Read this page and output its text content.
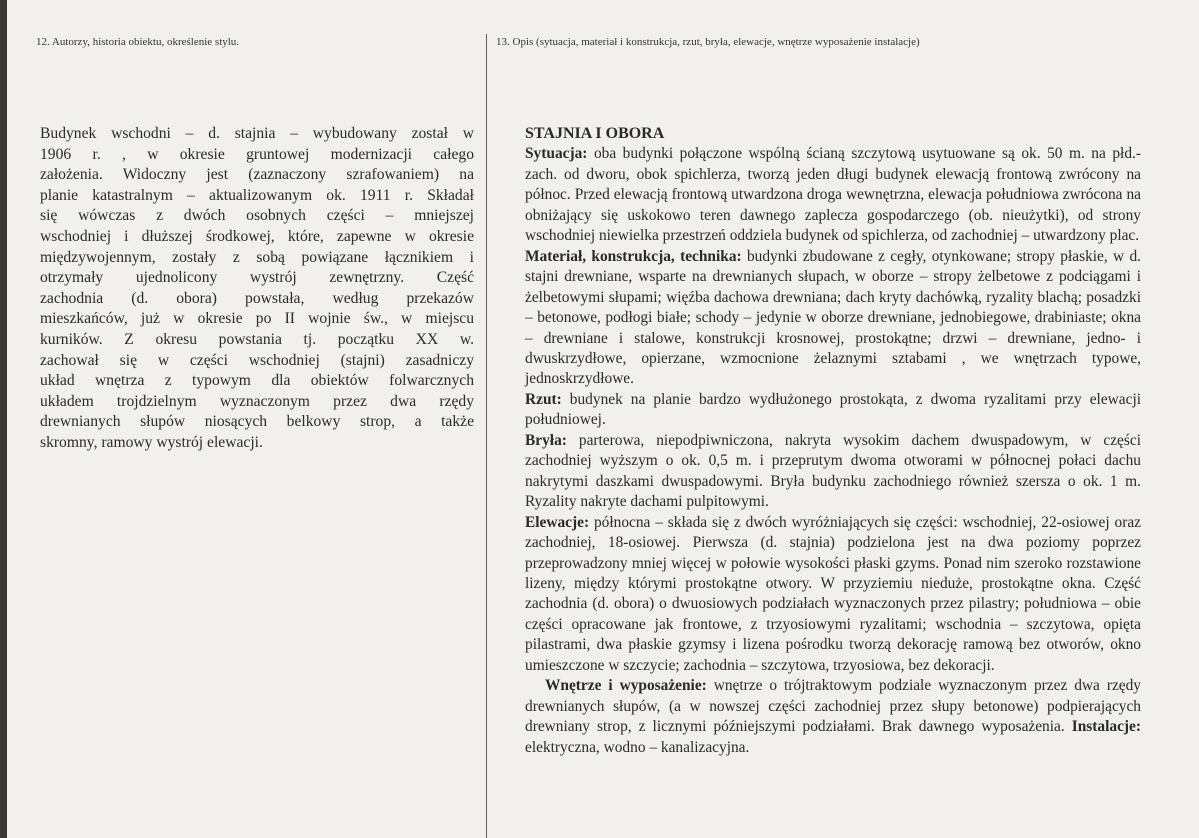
12. Autorzy, historia obiektu, określenie stylu.	13. Opis (sytuacja, materiał i konstrukcja, rzut, bryła, elewacje, wnętrze wyposażenie instalacje)
Budynek wschodni – d. stajnia – wybudowany został w
1906 r. , w okresie gruntowej modernizacji całego
założenia. Widoczny jest (zaznaczony szrafowaniem) na
planie katastralnym – aktualizowanym ok. 1911 r. Składał
się wówczas z dwóch osobnych części – mniejszej
wschodniej i dłuższej środkowej, które, zapewne w okresie
międzywojennym, zostały z sobą powiązane łącznikiem i
otrzymały ujednolicony wystrój zewnętrzny. Część
zachodnia (d. obora) powstała, według przekazów
mieszkańców, już w okresie po II wojnie św., w miejscu
kurników. Z okresu powstania tj. początku XX w.
zachował się w części wschodniej (stajni) zasadniczy
układ wnętrza z typowym dla obiektów folwarcznych
układem trojdzielnym wyznaczonym przez dwa rzędy
drewnianych słupów niosących belkowy strop, a także
skromny, ramowy wystrój elewacji.

STAJNIA I OBORA

Sytuacja: oba budynki połączone wspólną ścianą szczytową usytuowane są ok. 50 m. na płd.- zach. od dworu, obok spichlerza, tworzą jeden długi budynek elewacją frontową zwrócony na północ. Przed elewacją frontową utwardzona droga wewnętrzna, elewacja południowa zwrócona na obniżający się uskokowo teren dawnego zaplecza gospodarczego (ob. nieużytki), od strony wschodniej niewielka przestrzeń oddziela budynek od spichlerza, od zachodniej – utwardzony plac.

Materiał, konstrukcja, technika: budynki zbudowane z cegły, otynkowane; stropy płaskie, w d. stajni drewniane, wsparte na drewnianych słupach, w oborze – stropy żelbetowe z podciągami i żelbetowymi słupami; więźba dachowa drewniana; dach kryty dachówką, ryzality blachą; posadzki – betonowe, podłogi białe; schody – jedynie w oborze drewniane, jednobiegowe, drabiniaste; okna – drewniane i stalowe, konstrukcji krosnowej, prostokątne; drzwi – drewniane, jedno- i dwuskrzydłowe, opierzane, wzmocnione żelaznymi sztabami , we wnętrzach typowe, jednoskrzydłowe.

Rzut: budynek na planie bardzo wydłużonego prostokąta, z dwoma ryzalitami przy elewacji południowej.

Bryła: parterowa, niepodpiwniczona, nakryta wysokim dachem dwuspadowym, w części zachodniej wyższym o ok. 0,5 m. i przeprutym dwoma otworami w północnej połaci dachu nakrytymi daszkami dwuspadowymi. Bryła budynku zachodniego również szersza o ok. 1 m. Ryzality nakryte dachami pulpitowymi.

Elewacje: północna – składa się z dwóch wyróżniających się części: wschodniej, 22-osiowej oraz zachodniej, 18-osiowej. Pierwsza (d. stajnia) podzielona jest na dwa poziomy poprzez przeprowadzony mniej więcej w połowie wysokości płaski gzyms. Ponad nim szeroko rozstawione lizeny, między którymi prostokątne otwory. W przyziemiu nieduże, prostokątne okna. Część zachodnia (d. obora) o dwuosiowych podziałach wyznaczonych przez pilastry; południowa – obie części opracowane jak frontowe, z trzyosiowymi ryzalitami; wschodnia – szczytowa, opięta pilastrami, dwa płaskie gzymsy i lizena pośrodku tworzą dekorację ramową bez otworów, okno umieszczone w szczycie; zachodnia – szczytowa, trzyosiowa, bez dekoracji.

Wnętrze i wyposażenie: wnętrze o trójtraktowym podziale wyznaczonym przez dwa rzędy drewnianych słupów, (a w nowszej części zachodniej przez słupy betonowe) podpierających drewniany strop, z licznymi późniejszymi podziałami. Brak dawnego wyposażenia. Instalacje: elektryczna, wodno – kanalizacyjna.
